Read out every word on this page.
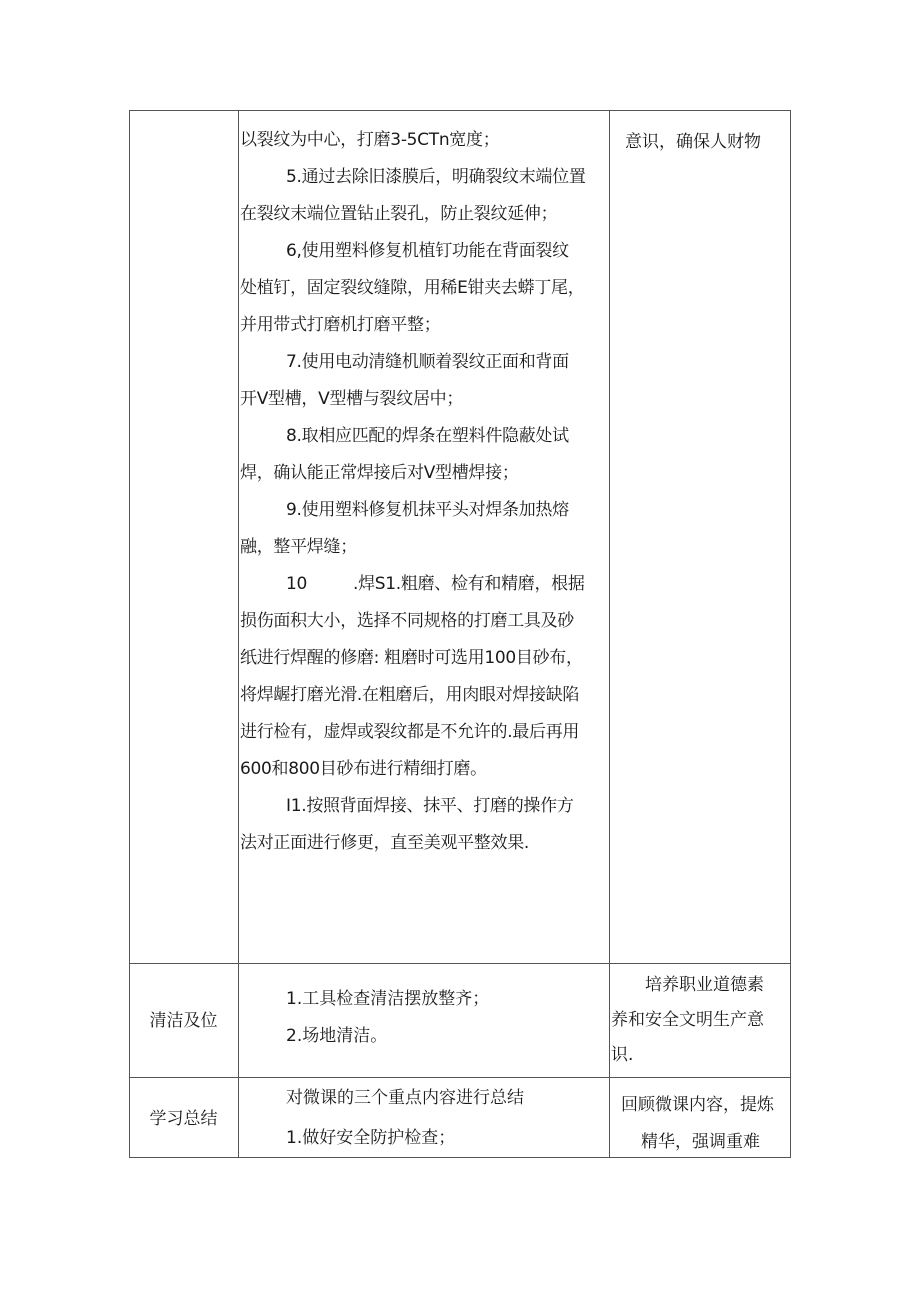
以裂纹为中心，打磨3-5CTn宽度；
5.通过去除旧漆膜后，明确裂纹末端位置
在裂纹末端位置钻止裂孔，防止裂纹延伸；
6,使用塑料修复机植钉功能在背面裂纹
处植钉，固定裂纹缝隙，用稀E钳夹去蟒丁尾，
并用带式打磨机打磨平整；
7.使用电动清缝机顺着裂纹正面和背面
开V型槽，V型槽与裂纹居中；
8.取相应匹配的焊条在塑料件隐蔽处试
焊，确认能正常焊接后对V型槽焊接；
9.使用塑料修复机抹平头对焊条加热熔
融，整平焊缝；
10         .焊S1.粗磨、检有和精磨，根据
损伤面积大小，选择不同规格的打磨工具及砂
纸进行焊醒的修磨: 粗磨时可选用100目砂布，
将焊龌打磨光滑.在粗磨后，用肉眼对焊接缺陷
进行检有，虚焊或裂纹都是不允许的.最后再用
600和800目砂布进行精细打磨。
I1.按照背面焊接、抹平、打磨的操作方
法对正面进行修更，直至美观平整效果.
意识，确保人财物
清洁及位
1.工具检查清洁摆放整齐；
2.场地清洁。
培养职业道德素
养和安全文明生产意
识.
学习总结
对微课的三个重点内容进行总结
1.做好安全防护检查；
回顾微课内容，提炼
精华，强调重难
